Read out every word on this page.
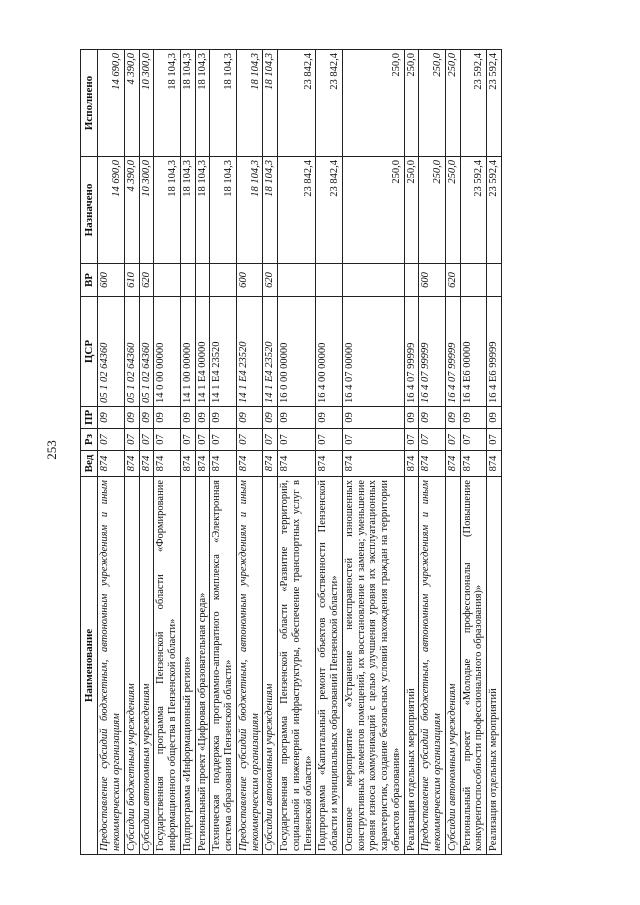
253
Наименование	Вед	Рз	ПР	ЦСР	ВР	Назначено	Исполнено
Предоставление субсидий бюджетным, автономным учреждениям и иным некоммерческим организациям	874	07	09	05 1 02 64360	600	14 690,0	14 690,0
Субсидии бюджетным учреждениям	874	07	09	05 1 02 64360	610	4 390,0	4 390,0
Субсидии автономным учреждениям	874	07	09	05 1 02 64360	620	10 300,0	10 300,0
Государственная программа Пензенской области «Формирование информационного общества в Пензенской области»	874	07	09	14 0 00 00000		18 104,3	18 104,3
Подпрограмма «Информационный регион»	874	07	09	14 1 00 00000		18 104,3	18 104,3
Региональный проект «Цифровая образовательная среда»	874	07	09	14 1 E4 00000		18 104,3	18 104,3
Техническая поддержка программно-аппаратного комплекса «Электронная система образования Пензенской области»	874	07	09	14 1 E4 23520		18 104,3	18 104,3
Предоставление субсидий бюджетным, автономным учреждениям и иным некоммерческим организациям	874	07	09	14 1 E4 23520	600	18 104,3	18 104,3
Субсидии автономным учреждениям	874	07	09	14 1 E4 23520	620	18 104,3	18 104,3
Государственная программа Пензенской области «Развитие территорий, социальной и инженерной инфраструктуры, обеспечение транспортных услуг в Пензенской области»	874	07	09	16 0 00 00000		23 842,4	23 842,4
Подпрограмма «Капитальный ремонт объектов собственности Пензенской области и муниципальных образований Пензенской области»	874	07	09	16 4 00 00000		23 842,4	23 842,4
Основное мероприятие «Устранение неисправностей изношенных конструктивных элементов помещений, их восстановление и замена; уменьшение уровня износа коммуникаций с целью улучшения уровня их эксплуатационных характеристик, создание безопасных условий нахождения граждан на территории объектов образования»	874	07	09	16 4 07 00000		250,0	250,0
Реализация отдельных мероприятий	874	07	09	16 4 07 99999		250,0	250,0
Предоставление субсидий бюджетным, автономным учреждениям и иным некоммерческим организациям	874	07	09	16 4 07 99999	600	250,0	250,0
Субсидии автономным учреждениям	874	07	09	16 4 07 99999	620	250,0	250,0
Региональный проект «Молодые профессионалы (Повышение конкурентоспособности профессионального образования)»	874	07	09	16 4 E6 00000		23 592,4	23 592,4
Реализация отдельных мероприятий	874	07	09	16 4 E6 99999		23 592,4	23 592,4
